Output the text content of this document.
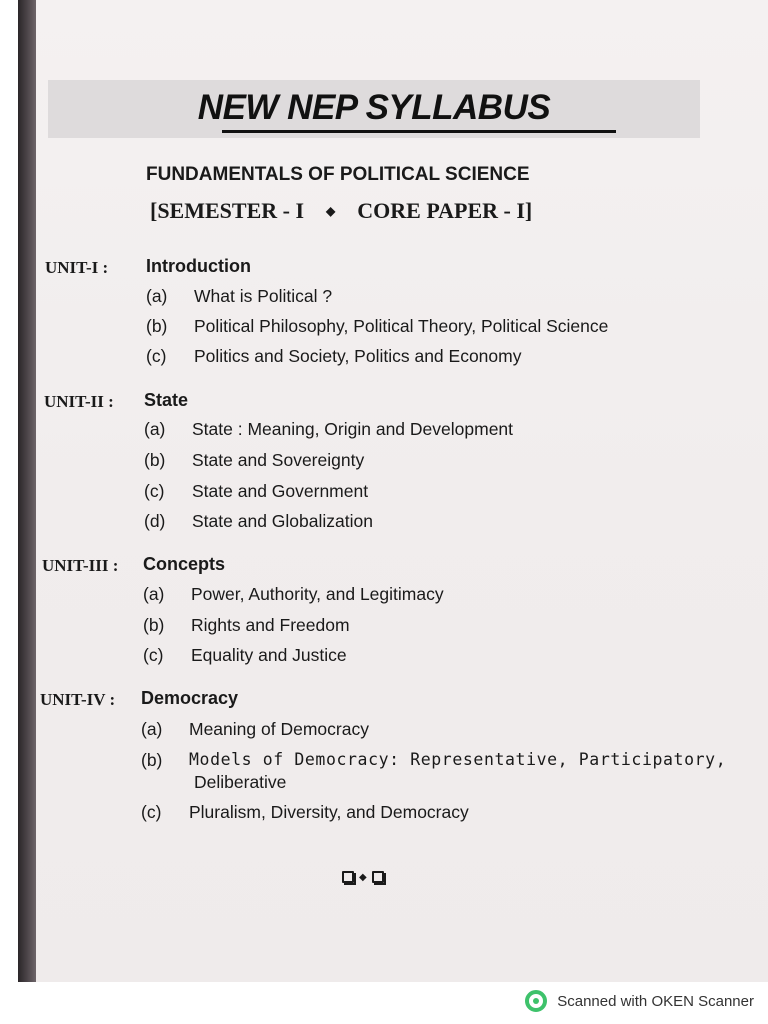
NEW NEP SYLLABUS
FUNDAMENTALS OF POLITICAL SCIENCE
[SEMESTER - I ◆ CORE PAPER - I]
UNIT-I : Introduction
(a) What is Political ?
(b) Political Philosophy, Political Theory, Political Science
(c) Politics and Society, Politics and Economy
UNIT-II : State
(a) State : Meaning, Origin and Development
(b) State and Sovereignty
(c) State and Government
(d) State and Globalization
UNIT-III : Concepts
(a) Power, Authority, and Legitimacy
(b) Rights and Freedom
(c) Equality and Justice
UNIT-IV : Democracy
(a) Meaning of Democracy
(b) Models of Democracy: Representative, Participatory,
Deliberative
(c) Pluralism, Diversity, and Democracy
◆
Scanned with OKEN Scanner
